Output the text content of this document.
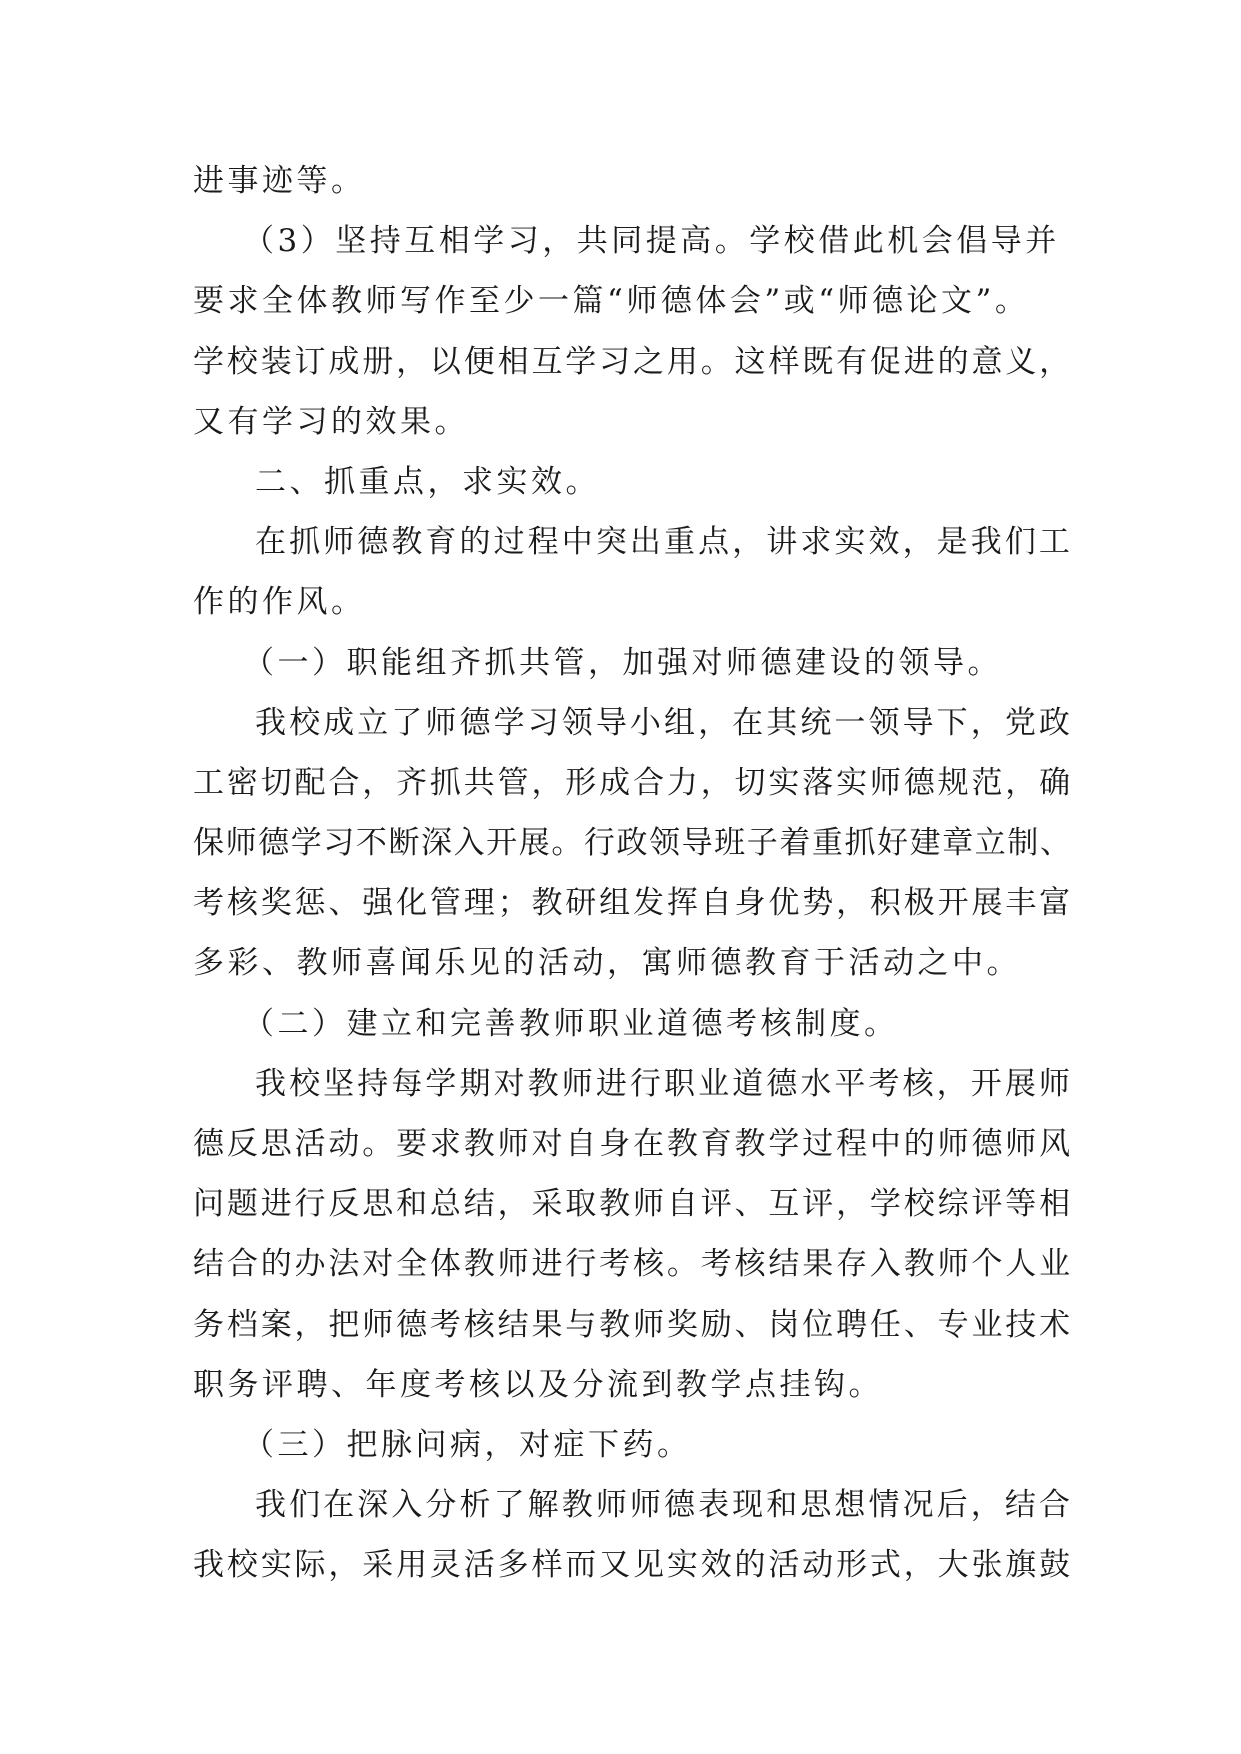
进事迹等。
（3）坚持互相学习，共同提高。学校借此机会倡导并
要求全体教师写作至少一篇“师德体会”或“师德论文”。
学校装订成册，以便相互学习之用。这样既有促进的意义，
又有学习的效果。
二、抓重点，求实效。
在抓师德教育的过程中突出重点，讲求实效，是我们工
作的作风。
（一）职能组齐抓共管，加强对师德建设的领导。
我校成立了师德学习领导小组，在其统一领导下，党政
工密切配合，齐抓共管，形成合力，切实落实师德规范，确
保师德学习不断深入开展。行政领导班子着重抓好建章立制、
考核奖惩、强化管理；教研组发挥自身优势，积极开展丰富
多彩、教师喜闻乐见的活动，寓师德教育于活动之中。
（二）建立和完善教师职业道德考核制度。
我校坚持每学期对教师进行职业道德水平考核，开展师
德反思活动。要求教师对自身在教育教学过程中的师德师风
问题进行反思和总结，采取教师自评、互评，学校综评等相
结合的办法对全体教师进行考核。考核结果存入教师个人业
务档案，把师德考核结果与教师奖励、岗位聘任、专业技术
职务评聘、年度考核以及分流到教学点挂钩。
（三）把脉问病，对症下药。
我们在深入分析了解教师师德表现和思想情况后，结合
我校实际，采用灵活多样而又见实效的活动形式，大张旗鼓
